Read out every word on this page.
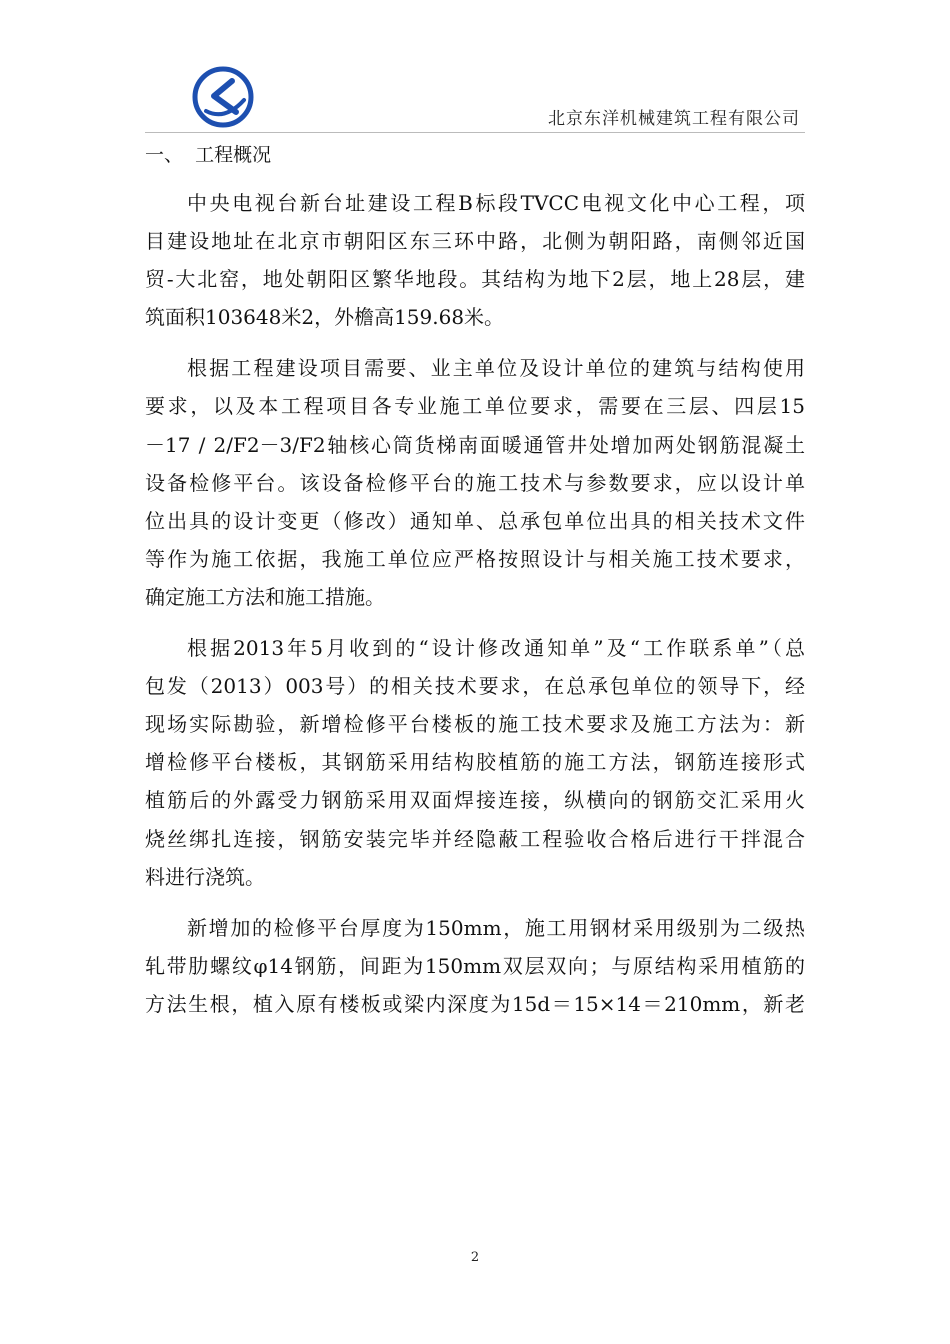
北京东洋机械建筑工程有限公司
一、  工程概况
中央电视台新台址建设工程B标段TVCC电视文化中心工程，项
目建设地址在北京市朝阳区东三环中路，北侧为朝阳路，南侧邻近国
贸-大北窑，地处朝阳区繁华地段。其结构为地下2层，地上28层，建
筑面积103648米2，外檐高159.68米。
根据工程建设项目需要、业主单位及设计单位的建筑与结构使用
要求，以及本工程项目各专业施工单位要求，需要在三层、四层15
－17 / 2/F2－3/F2轴核心筒货梯南面暖通管井处增加两处钢筋混凝土
设备检修平台。该设备检修平台的施工技术与参数要求，应以设计单
位出具的设计变更（修改）通知单、总承包单位出具的相关技术文件
等作为施工依据，我施工单位应严格按照设计与相关施工技术要求，
确定施工方法和施工措施。
根据2013年5月收到的“设计修改通知单”及“工作联系单”（总
包发（2013）003号）的相关技术要求，在总承包单位的领导下，经
现场实际勘验，新增检修平台楼板的施工技术要求及施工方法为：新
增检修平台楼板，其钢筋采用结构胶植筋的施工方法，钢筋连接形式
植筋后的外露受力钢筋采用双面焊接连接，纵横向的钢筋交汇采用火
烧丝绑扎连接，钢筋安装完毕并经隐蔽工程验收合格后进行干拌混合
料进行浇筑。
新增加的检修平台厚度为150mm，施工用钢材采用级别为二级热
轧带肋螺纹φ14钢筋，间距为150mm双层双向；与原结构采用植筋的
方法生根，植入原有楼板或梁内深度为15d＝15×14＝210mm，新老
2
